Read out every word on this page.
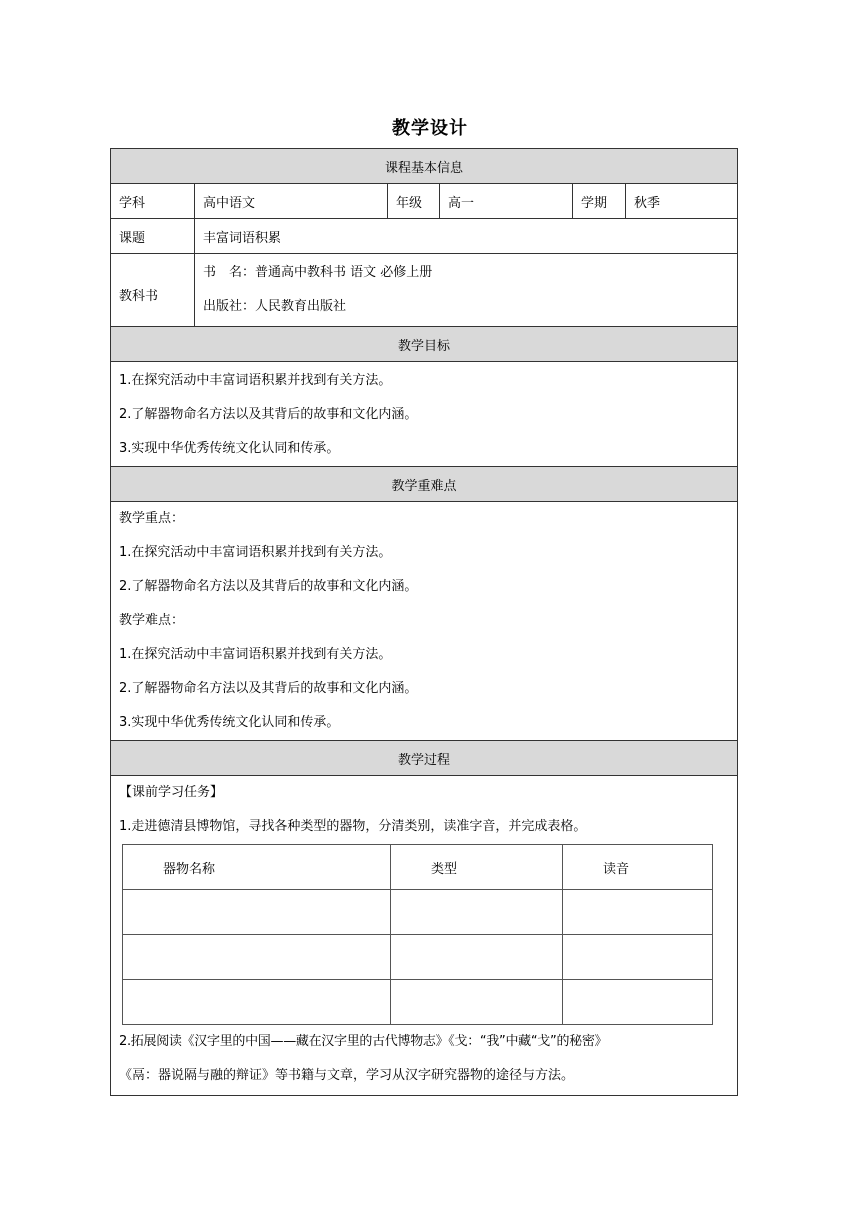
教学设计
课程基本信息
学科	高中语文	年级	高一	学期	秋季
课题	丰富词语积累
教科书	
书　名：普通高中教科书 语文 必修上册
出版社：人民教育出版社

教学目标

1.在探究活动中丰富词语积累并找到有关方法。
2.了解器物命名方法以及其背后的故事和文化内涵。
3.实现中华优秀传统文化认同和传承。

教学重难点

教学重点：
1.在探究活动中丰富词语积累并找到有关方法。
2.了解器物命名方法以及其背后的故事和文化内涵。
教学难点：
1.在探究活动中丰富词语积累并找到有关方法。
2.了解器物命名方法以及其背后的故事和文化内涵。
3.实现中华优秀传统文化认同和传承。

教学过程

【课前学习任务】
1.走进德清县博物馆，寻找各种类型的器物，分清类别，读准字音，并完成表格。
器物名称	类型	读音

2.拓展阅读《汉字里的中国——藏在汉字里的古代博物志》《戈：“我”中藏“戈”的秘密》
《鬲：器说隔与融的辩证》等书籍与文章，学习从汉字研究器物的途径与方法。
